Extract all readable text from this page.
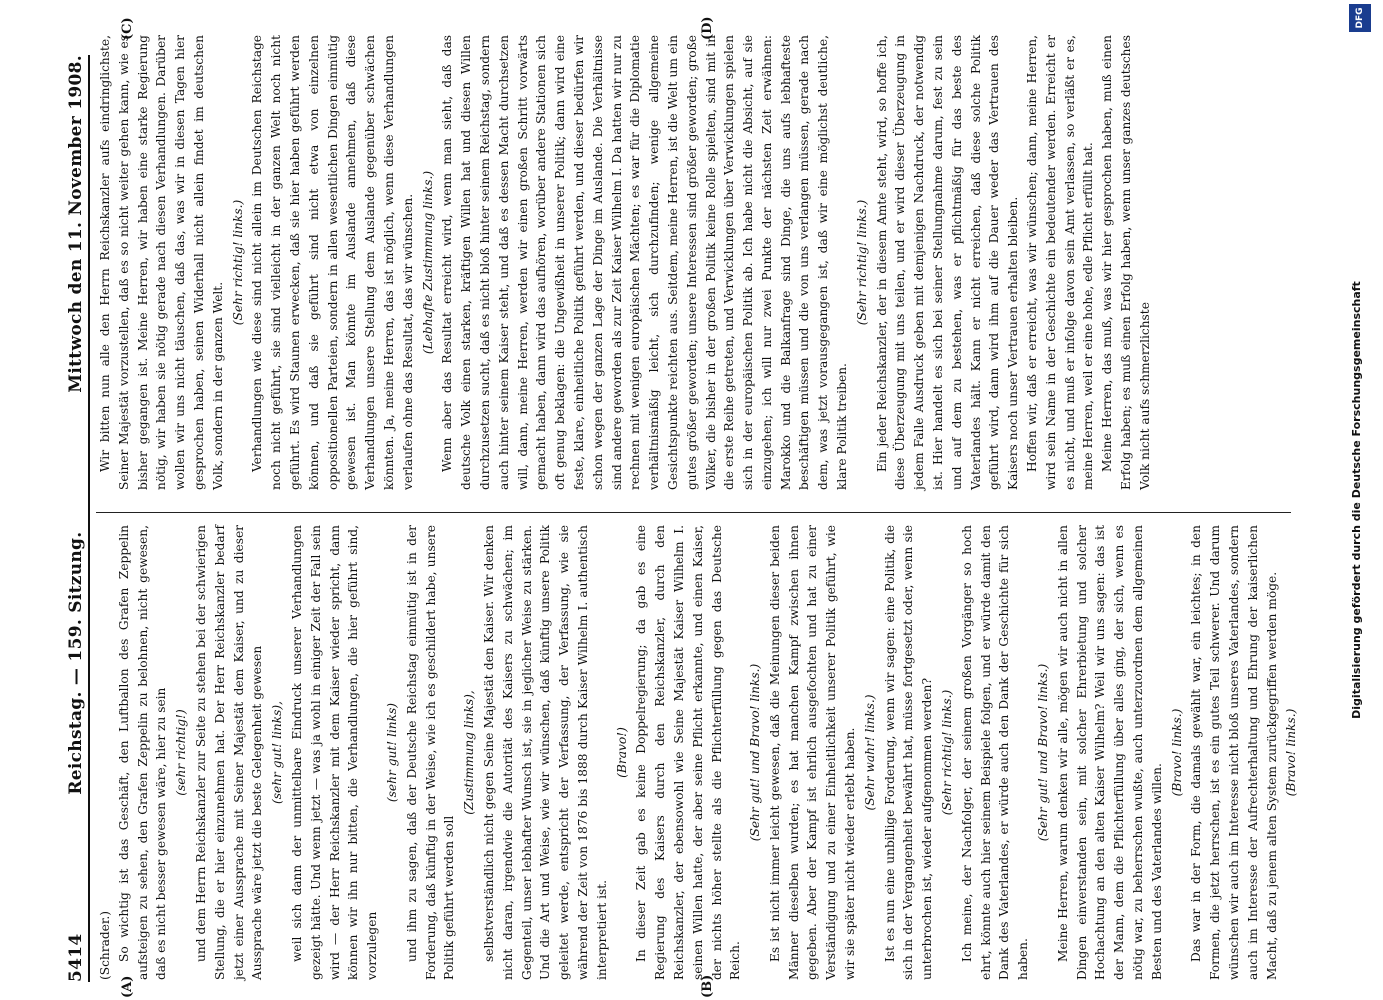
5414
Reichstag. — 159. Sitzung.
Mittwoch den 11. November 1908.

(Schrader.) So wichtig ist das Geschäft, den Luftballon des Grafen Zeppelin aufsteigen zu sehen, den Grafen Zeppelin zu belohnen, nicht gewesen, daß es nicht besser gewesen wäre, hier zu sein (sehr richtig!) und dem Herrn Reichskanzler zur Seite zu stehen bei der schwierigen Stellung, die er hier einzunehmen hat. Der Herr Reichskanzler bedarf jetzt einer Aussprache mit Seiner Majestät dem Kaiser, und zu dieser Aussprache wäre jetzt die beste Gelegenheit gewesen (sehr gut! links), weil sich dann der unmittelbare Eindruck unserer Verhandlungen gezeigt hätte. Und wenn jetzt — was ja wohl in einiger Zeit der Fall sein wird — der Herr Reichskanzler mit dem Kaiser wieder spricht, dann können wir ihn nur bitten, die Verhandlungen, die hier geführt sind, vorzulegen

(sehr gut! links) und ihm zu sagen, daß der Deutsche Reichstag einmütig ist in der Forderung, daß künftig in der Weise, wie ich es geschildert habe, unsere Politik geführt werden soll

(Zustimmung links), selbstverständlich nicht gegen Seine Majestät den Kaiser. Wir denken nicht daran, irgendwie die Autorität des Kaisers zu schwächen; im Gegenteil, unser lebhafter Wunsch ist, sie in jeglicher Weise zu stärken. Und die Art und Weise, wie wir wünschen, daß künftig unsere Politik geleitet werde, entspricht der Verfassung, der Verfassung, wie sie während der Zeit von 1876 bis 1888 durch Kaiser Wilhelm I. authentisch interpretiert ist.

(Bravo!) In dieser Zeit gab es keine Doppelregierung; da gab es eine Regierung des Kaisers durch den Reichskanzler, durch den Reichskanzler, der ebensowohl wie Seine Majestät Kaiser Wilhelm I. seinen Willen hatte, der aber seine Pflicht erkannte, und einen Kaiser, der nichts höher stellte als die Pflichterfüllung gegen das Deutsche Reich.

(Sehr gut! und Bravo! links.) Es ist nicht immer leicht gewesen, daß die Meinungen dieser beiden Männer dieselben wurden; es hat manchen Kampf zwischen ihnen gegeben. Aber der Kampf ist ehrlich ausgefochten und hat zu einer Verständigung und zu einer Einheitlichkeit unserer Politik geführt, wie wir sie später nicht wieder erlebt haben. (Sehr wahr! links.) Ist es nun eine unbillige Forderung, wenn wir sagen: eine Politik, die sich in der Vergangenheit bewährt hat, müsse fortgesetzt oder, wenn sie unterbrochen ist, wieder aufgenommen werden? (Sehr richtig! links.) Ich meine, der Nachfolger, der seinem großen Vorgänger so hoch ehrt, könnte auch hier seinem Beispiele folgen, und er würde damit den Dank des Vaterlandes, er würde auch den Dank der Geschichte für sich haben.

(Sehr gut! und Bravo! links.) Meine Herren, warum denken wir alle, mögen wir auch nicht in allen Dingen einverstanden sein, mit solcher Ehrerbietung und solcher Hochachtung an den alten Kaiser Wilhelm? Weil wir uns sagen: das ist der Mann, dem die Pflichterfüllung über alles ging, der sich, wenn es nötig war, zu beherrschen wußte, auch unterzuordnen dem allgemeinen Besten und des Vaterlandes willen.

(Bravo! links.) Das war in der Form, die damals gewählt war, ein leichtes; in den Formen, die jetzt herrschen, ist es ein gutes Teil schwerer. Und darum wünschen wir auch im Interesse nicht bloß unseres Vaterlandes, sondern auch im Interesse der Aufrechterhaltung und Ehrung der kaiserlichen Macht, daß zu jenem alten System zurückgegriffen werden möge. (Bravo! links.)

Wir bitten nun alle den Herrn Reichskanzler aufs eindringlichste, Seiner Majestät vorzustellen, daß es so nicht weiter gehen kann, wie es bisher gegangen ist. Meine Herren, wir haben eine starke Regierung nötig, wir haben sie nötig gerade nach diesen Verhandlungen. Darüber wollen wir uns nicht täuschen, daß das, was wir in diesen Tagen hier gesprochen haben, seinen Widerhall nicht allein findet im deutschen Volk, sondern in der ganzen Welt.

(Sehr richtig! links.) Verhandlungen wie diese sind nicht allein im Deutschen Reichstage noch nicht geführt, sie sind vielleicht in der ganzen Welt noch nicht geführt. Es wird Staunen erwecken, daß sie hier haben geführt werden können, und daß sie geführt sind nicht etwa von einzelnen oppositionellen Parteien, sondern in allen wesentlichen Dingen einmütig gewesen ist. Man könnte im Auslande annehmen, daß diese Verhandlungen unsere Stellung dem Auslande gegenüber schwächen könnten. Ja, meine Herren, das ist möglich, wenn diese Verhandlungen verlaufen ohne das Resultat, das wir wünschen. (Lebhafte Zustimmung links.) Wenn aber das Resultat erreicht wird, wenn man sieht, daß das deutsche Volk einen starken, kräftigen Willen hat und diesen Willen durchzusetzen sucht, daß es nicht bloß hinter seinem Reichstag, sondern auch hinter seinem Kaiser steht, und daß es dessen Macht durchsetzen will, dann, meine Herren, werden wir einen großen Schritt vorwärts gemacht haben, dann wird das aufhören, worüber andere Stationen sich oft genug beklagen: die Ungewißheit in unserer Politik; dann wird eine feste, klare, einheitliche Politik geführt werden, und dieser bedürfen wir schon wegen der ganzen Lage der Dinge im Auslande. Die Verhältnisse sind andere geworden als zur Zeit Kaiser Wilhelm I. Da hatten wir nur zu rechnen mit wenigen europäischen Mächten; es war für die Diplomatie verhältnismäßig leicht, sich durchzufinden; wenige allgemeine Gesichtspunkte reichten aus. Seitdem, meine Herren, ist die Welt um ein gutes größer geworden; unsere Interessen sind größer geworden; große Völker, die bisher in der großen Politik keine Rolle spielten, sind mit in die erste Reihe getreten, und Verwicklungen über Verwicklungen spielen sich in der europäischen Politik ab. Ich habe nicht die Absicht, auf sie einzugehen; ich will nur zwei Punkte der nächsten Zeit erwähnen: Marokko und die Balkanfrage sind Dinge, die uns aufs lebhafteste beschäftigen müssen und die von uns verlangen müssen, gerade nach dem, was jetzt vorausgegangen ist, daß wir eine möglichst deutliche, klare Politik treiben.

(Sehr richtig! links.) Ein jeder Reichskanzler, der in diesem Amte steht, wird, so hoffe ich, diese Überzeugung mit uns teilen, und er wird dieser Überzeugung in jedem Falle Ausdruck geben mit demjenigen Nachdruck, der notwendig ist. Hier handelt es sich bei seiner Stellungnahme darum, fest zu sein und auf dem zu bestehen, was er pflichtmäßig für das beste des Vaterlandes hält. Kann er nicht erreichen, daß diese solche Politik geführt wird, dann wird ihm auf die Dauer weder das Vertrauen des Kaisers noch unser Vertrauen erhalten bleiben. Hoffen wir, daß er erreicht, was wir wünschen; dann, meine Herren, wird sein Name in der Geschichte ein bedeutender werden. Erreicht er es nicht, und muß er infolge davon sein Amt verlassen, so verläßt er es, meine Herren, weil er eine hohe, edle Pflicht erfüllt hat. Meine Herren, das muß, was wir hier gesprochen haben, muß einen Erfolg haben; es muß einen Erfolg haben, wenn unser ganzes deutsches Volk nicht aufs schmerzlichste

(A)	(B)
(C)	(D)
Digitalisierung gefördert durch die Deutsche Forschungsgemeinschaft
DFG
